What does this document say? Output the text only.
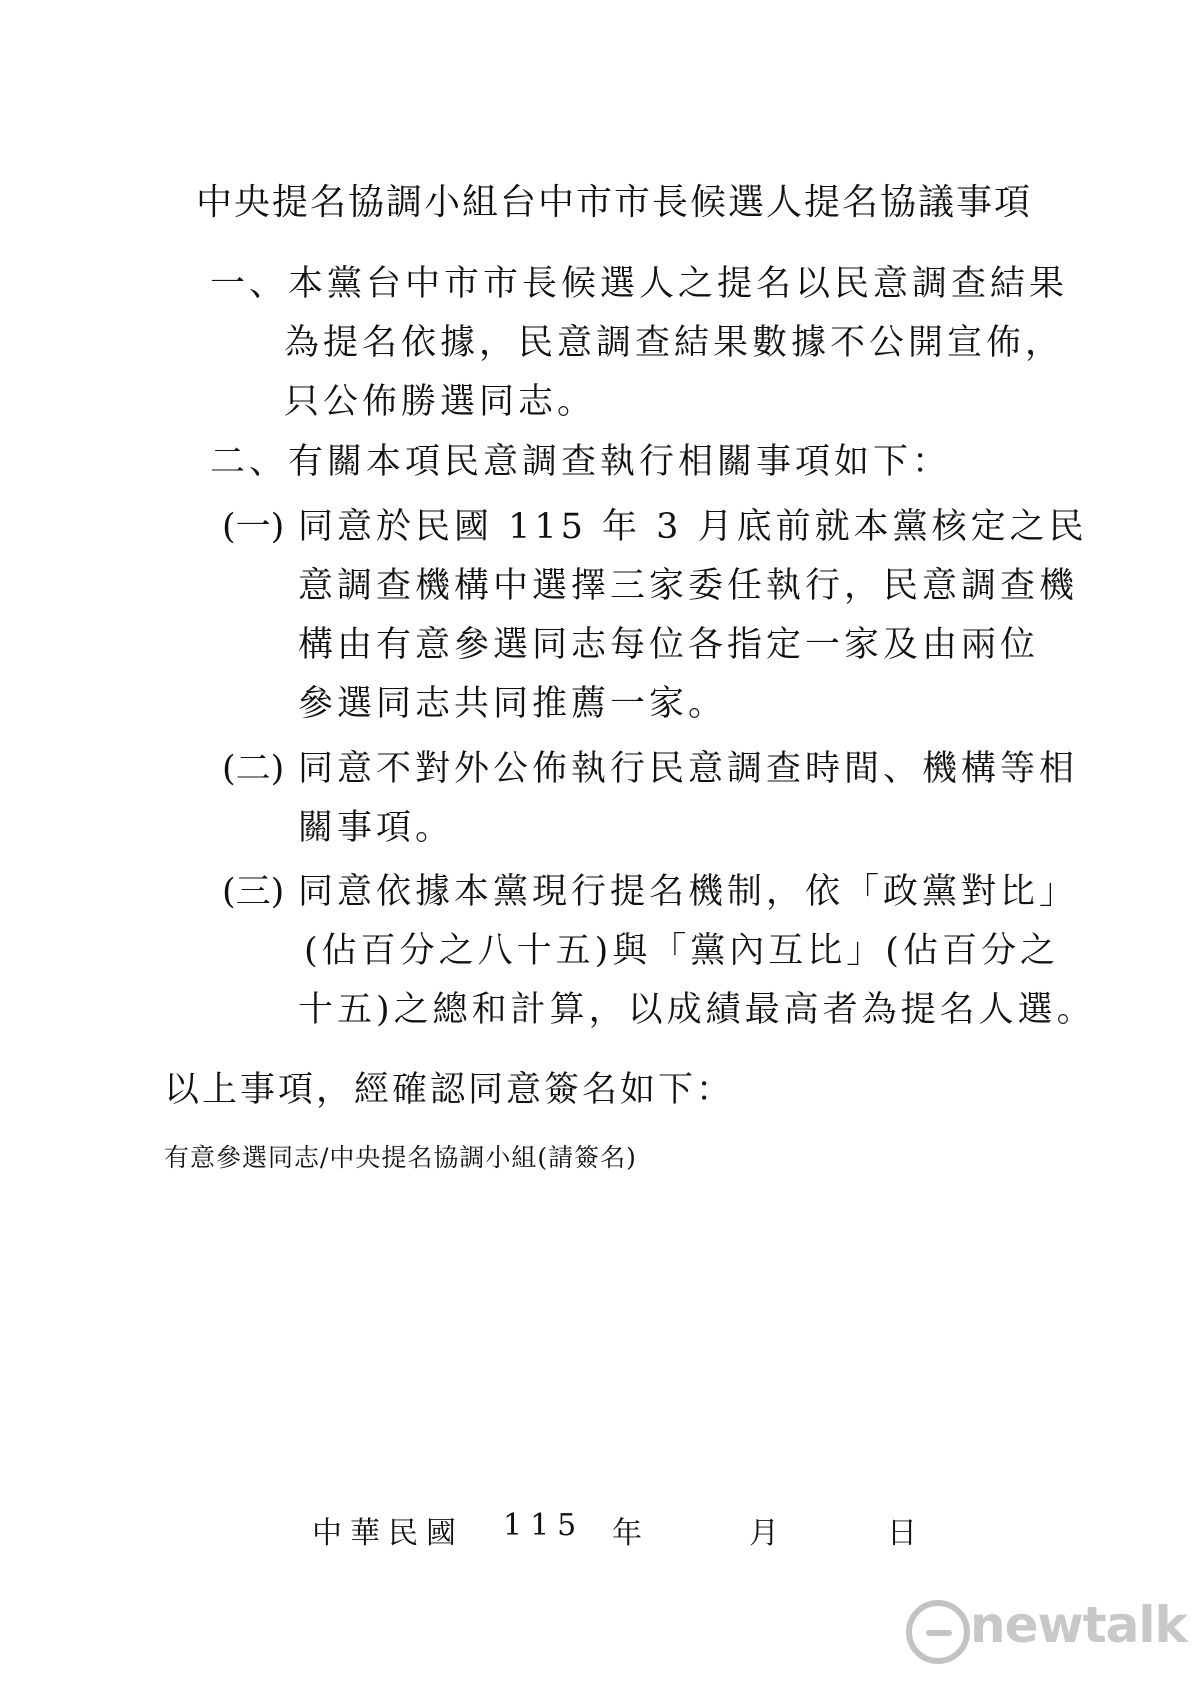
中央提名協調小組台中市市長候選人提名協議事項
一、本黨台中市市長候選人之提名以民意調查結果
為提名依據，民意調查結果數據不公開宣佈，
只公佈勝選同志。
二、有關本項民意調查執行相關事項如下：
(一) 同意於民國 115 年 3 月底前就本黨核定之民
意調查機構中選擇三家委任執行，民意調查機
構由有意參選同志每位各指定一家及由兩位
參選同志共同推薦一家。
(二) 同意不對外公佈執行民意調查時間、機構等相
關事項。
(三) 同意依據本黨現行提名機制，依「政黨對比」
(佔百分之八十五)與「黨內互比」(佔百分之
十五)之總和計算，以成績最高者為提名人選。
以上事項，經確認同意簽名如下：
有意參選同志/中央提名協調小組(請簽名)
中華民國 115 年	月	日
newtalk
